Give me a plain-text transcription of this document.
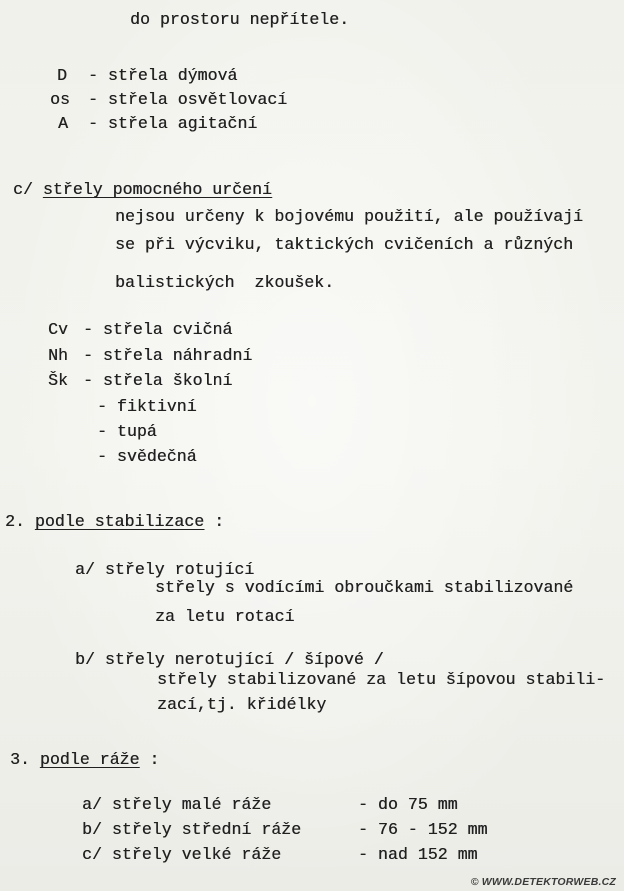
do prostoru nepřítele.
D - střela dýmová
os - střela osvětlovací
A - střela agitační
c/ střely pomocného určení
nejsou určeny k bojovému použití, ale používají
se při výcviku, taktických cvičeních a různých
balistických  zkoušek.
Cv - střela cvičná
Nh - střela náhradní
Šk - střela školní
- fiktivní
- tupá
- svědečná
2. podle stabilizace :
a/ střely rotující
střely s vodícími obroučkami stabilizované
za letu rotací
b/ střely nerotující / šípové /
střely stabilizované za letu šípovou stabili-
zací,tj. křidélky
3. podle ráže :
a/ střely malé ráže	- do 75 mm
b/ střely střední ráže	- 76 - 152 mm
c/ střely velké ráže	- nad 152 mm
© WWW.DETEKTORWEB.CZ
